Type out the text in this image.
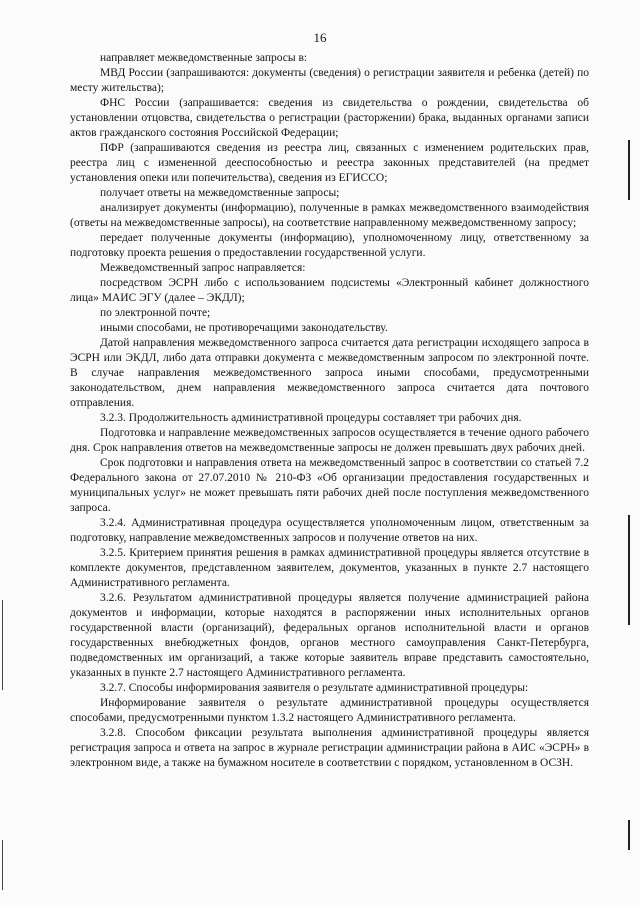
16

направляет межведомственные запросы в:

МВД России (запрашиваются: документы (сведения) о регистрации заявителя и ребенка (детей) по месту жительства);

ФНС России (запрашивается: сведения из свидетельства о рождении, свидетельства об установлении отцовства, свидетельства о регистрации (расторжении) брака, выданных органами записи актов гражданского состояния Российской Федерации;

ПФР (запрашиваются сведения из реестра лиц, связанных с изменением родительских прав, реестра лиц с измененной дееспособностью и реестра законных представителей (на предмет установления опеки или попечительства), сведения из ЕГИССО;

получает ответы на межведомственные запросы;

анализирует документы (информацию), полученные в рамках межведомственного взаимодействия (ответы на межведомственные запросы), на соответствие направленному межведомственному запросу;

передает полученные документы (информацию), уполномоченному лицу, ответственному за подготовку проекта решения о предоставлении государственной услуги.

Межведомственный запрос направляется:

посредством ЭСРН либо с использованием подсистемы «Электронный кабинет должностного лица» МАИС ЭГУ (далее – ЭКДЛ);

по электронной почте;

иными способами, не противоречащими законодательству.

Датой направления межведомственного запроса считается дата регистрации исходящего запроса в ЭСРН или ЭКДЛ, либо дата отправки документа с межведомственным запросом по электронной почте. В случае направления межведомственного запроса иными способами, предусмотренными законодательством, днем направления межведомственного запроса считается дата почтового отправления.

3.2.3. Продолжительность административной процедуры составляет три рабочих дня.

Подготовка и направление межведомственных запросов осуществляется в течение одного рабочего дня. Срок направления ответов на межведомственные запросы не должен превышать двух рабочих дней.

Срок подготовки и направления ответа на межведомственный запрос в соответствии со статьей 7.2 Федерального закона от 27.07.2010 № 210-ФЗ «Об организации предоставления государственных и муниципальных услуг» не может превышать пяти рабочих дней после поступления межведомственного запроса.

3.2.4. Административная процедура осуществляется уполномоченным лицом, ответственным за подготовку, направление межведомственных запросов и получение ответов на них.

3.2.5. Критерием принятия решения в рамках административной процедуры является отсутствие в комплекте документов, представленном заявителем, документов, указанных в пункте 2.7 настоящего Административного регламента.

3.2.6. Результатом административной процедуры является получение администрацией района документов и информации, которые находятся в распоряжении иных исполнительных органов государственной власти (организаций), федеральных органов исполнительной власти и органов государственных внебюджетных фондов, органов местного самоуправления Санкт-Петербурга, подведомственных им организаций, а также которые заявитель вправе представить самостоятельно, указанных в пункте 2.7 настоящего Административного регламента.

3.2.7. Способы информирования заявителя о результате административной процедуры:

Информирование заявителя о результате административной процедуры осуществляется способами, предусмотренными пунктом 1.3.2 настоящего Административного регламента.

3.2.8. Способом фиксации результата выполнения административной процедуры является регистрация запроса и ответа на запрос в журнале регистрации администрации района в АИС «ЭСРН» в электронном виде, а также на бумажном носителе в соответствии с порядком, установленном в ОСЗН.
